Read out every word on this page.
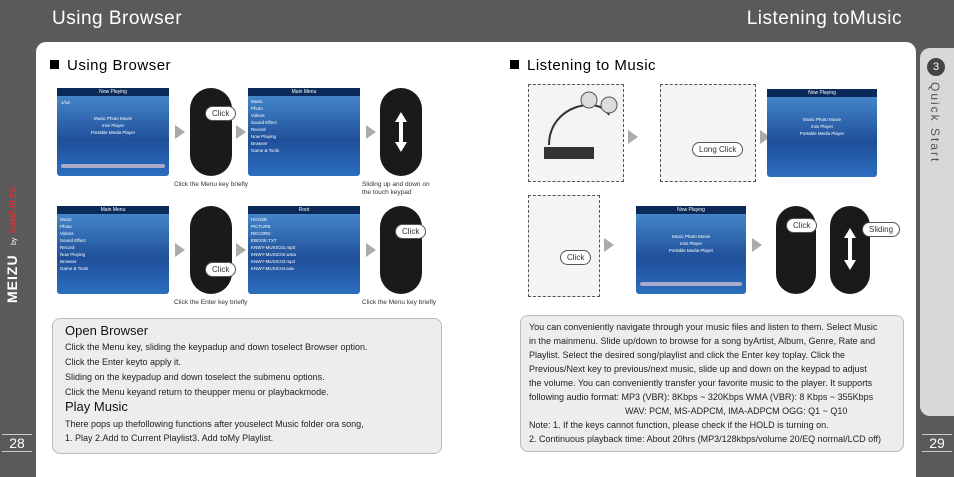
Using Browser	Listening toMusic
MEIZU
by
DANE-ELEC
28	29
3
Quick Start
Using Browser
Now Playing
1/14
Music Photo Movie
mini Player
Portable Media Player
Click
Main Menu
Music
Photo
Videos
Sound Effect
Record
Now Playing
Browser
Game & Tools
Click the Menu key briefly	Sliding up and down on
the touch keypad
Main Menu
Music
Photo
Videos
Sound Effect
Record
Now Playing
Browser
Game & Tools	Click
Root
HOUSE
PICTURE
RECORD
EBOOK.TXT
KNWY-MUSIC01.mp3
KNWY-MUSIC02.wma
KNWY-MUSIC03.mp3
KNWY-MUSIC04.wav
Click
Click the Enter key briefly	Click the Menu key briefly
Open Browser

Click the Menu key, sliding the keypadup and down toselect Browser option.

Click the Enter keyto apply it.

Sliding on the keypadup and down toselect the submenu options.

Click the Menu keyand return to theupper menu or playbackmode.

Play Music

There pops up thefollowing functions after youselect Music folder ora song,

1. Play 2.Add to Current Playlist3. Add toMy Playlist.

Listening to Music
Long Click
Now Playing
Music Photo Movie
mini Player
Portable Media Player
Click
Now Playing
Music Photo Movie
mini Player
Portable Media Player
Click	Sliding

You can conveniently navigate through your music files and listen to them. Select Music

in the mainmenu. Slide up/down to browse for a song byArtist, Album, Genre, Rate and

Playlist. Select the desired song/playlist and click the Enter key toplay. Click the

Previous/Next key to previous/next music, slide up and down on the keypad to adjust

the volume. You can conveniently transfer your favorite music to the player. It supports

following audio format: MP3 (VBR): 8Kbps ~ 320Kbps WMA (VBR): 8 Kbps ~ 355Kbps

WAV: PCM, MS-ADPCM, IMA-ADPCM OGG: Q1 ~ Q10

Note: 1. If the keys cannot function, please check if the HOLD is turning on.

2. Continuous playback time: About 20hrs (MP3/128kbps/volume 20/EQ normal/LCD off)
